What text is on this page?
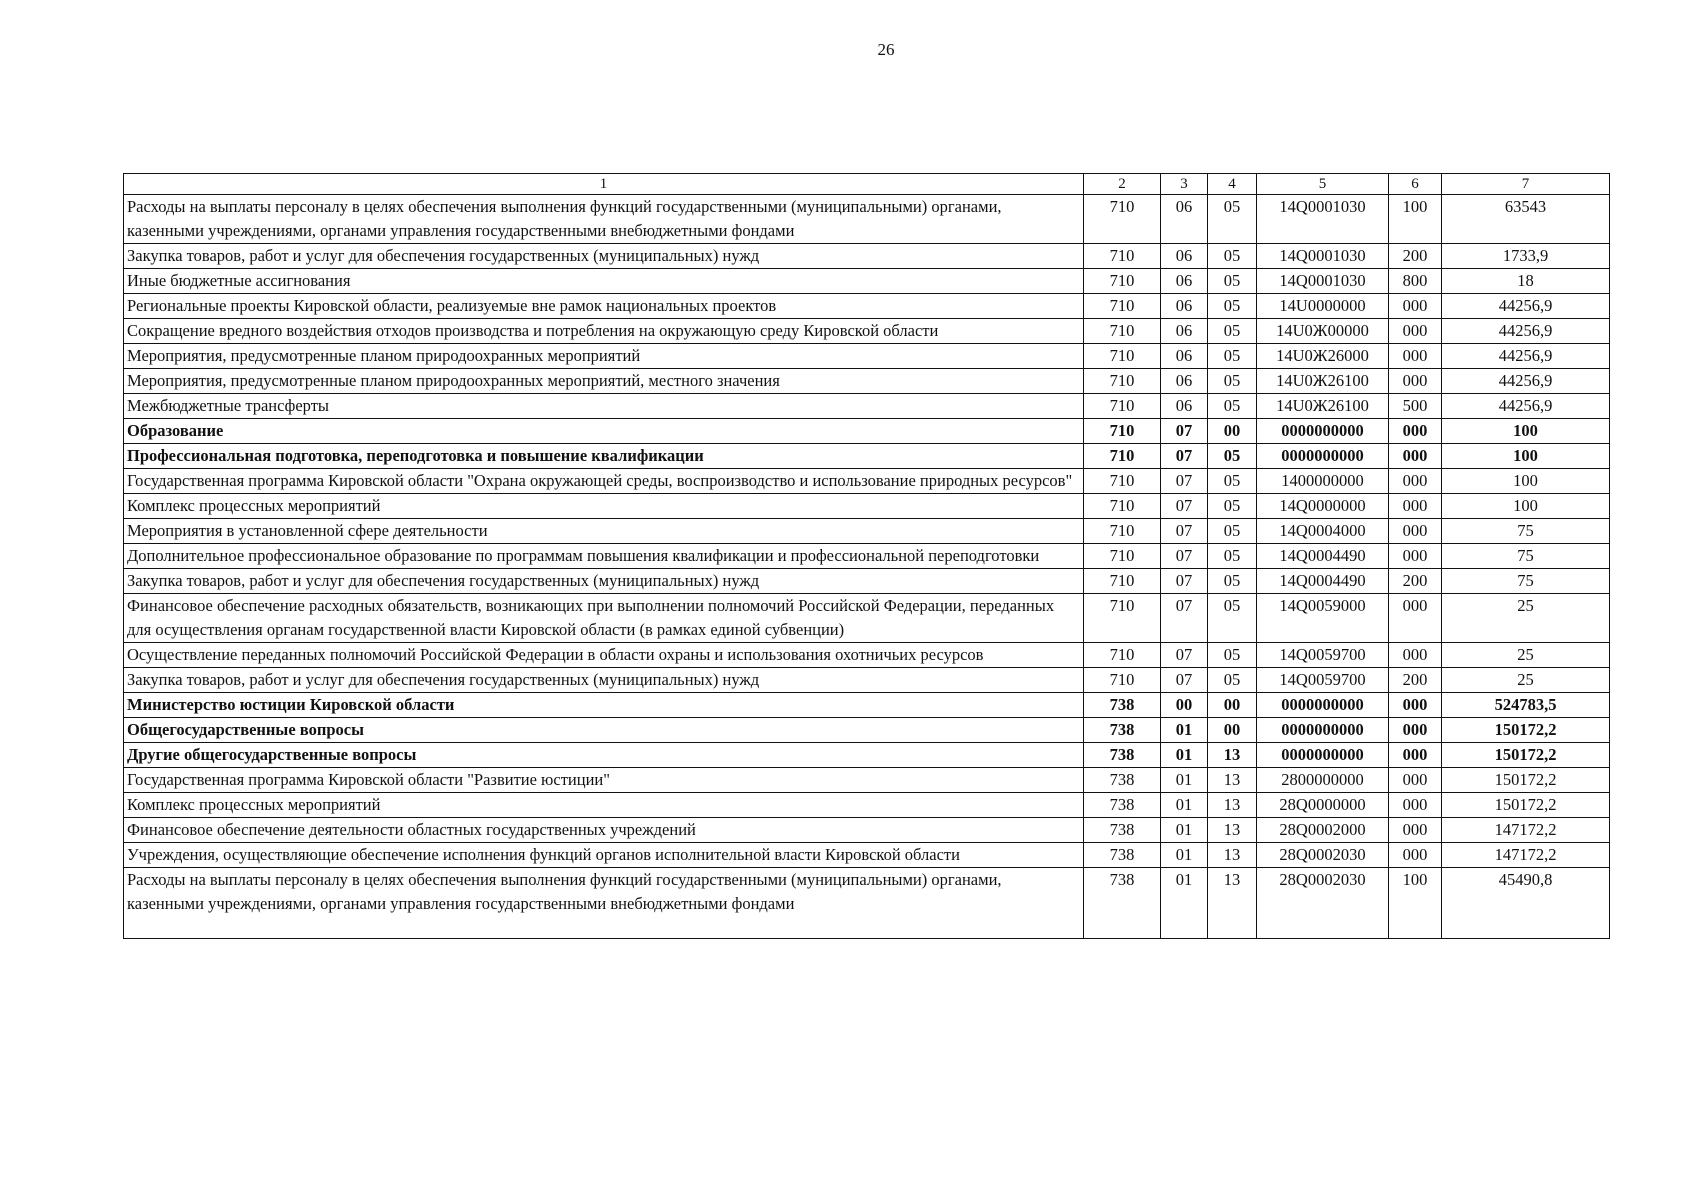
26
1	2	3	4	5	6	7
Расходы на выплаты персоналу в целях обеспечения выполнения функций государственными (муниципальными) органами, казенными учреждениями, органами управления государственными внебюджетными фондами	710	06	05	14Q0001030	100	63543
Закупка товаров, работ и услуг для обеспечения государственных (муниципальных) нужд	710	06	05	14Q0001030	200	1733,9
Иные бюджетные ассигнования	710	06	05	14Q0001030	800	18
Региональные проекты Кировской области, реализуемые вне рамок национальных проектов	710	06	05	14U0000000	000	44256,9
Сокращение вредного воздействия отходов производства и потребления на окружающую среду Кировской области	710	06	05	14U0Ж00000	000	44256,9
Мероприятия, предусмотренные планом природоохранных мероприятий	710	06	05	14U0Ж26000	000	44256,9
Мероприятия, предусмотренные планом природоохранных мероприятий, местного значения	710	06	05	14U0Ж26100	000	44256,9
Межбюджетные трансферты	710	06	05	14U0Ж26100	500	44256,9
Образование	710	07	00	0000000000	000	100
Профессиональная подготовка, переподготовка и повышение квалификации	710	07	05	0000000000	000	100
Государственная программа Кировской области "Охрана окружающей среды, воспроизводство и использование природных ресурсов"	710	07	05	1400000000	000	100
Комплекс процессных мероприятий	710	07	05	14Q0000000	000	100
Мероприятия в установленной сфере деятельности	710	07	05	14Q0004000	000	75
Дополнительное профессиональное образование по программам повышения квалификации и профессиональной переподготовки	710	07	05	14Q0004490	000	75
Закупка товаров, работ и услуг для обеспечения государственных (муниципальных) нужд	710	07	05	14Q0004490	200	75
Финансовое обеспечение расходных обязательств, возникающих при выполнении полномочий Российской Федерации, переданных для осуществления органам государственной власти Кировской области (в рамках единой субвенции)	710	07	05	14Q0059000	000	25
Осуществление переданных полномочий Российской Федерации в области охраны и использования охотничьих ресурсов	710	07	05	14Q0059700	000	25
Закупка товаров, работ и услуг для обеспечения государственных (муниципальных) нужд	710	07	05	14Q0059700	200	25
Министерство юстиции Кировской области	738	00	00	0000000000	000	524783,5
Общегосударственные вопросы	738	01	00	0000000000	000	150172,2
Другие общегосударственные вопросы	738	01	13	0000000000	000	150172,2
Государственная программа Кировской области "Развитие юстиции"	738	01	13	2800000000	000	150172,2
Комплекс процессных мероприятий	738	01	13	28Q0000000	000	150172,2
Финансовое обеспечение деятельности областных государственных учреждений	738	01	13	28Q0002000	000	147172,2
Учреждения, осуществляющие обеспечение исполнения функций органов исполнительной власти Кировской области	738	01	13	28Q0002030	000	147172,2
Расходы на выплаты персоналу в целях обеспечения выполнения функций государственными (муниципальными) органами, казенными учреждениями, органами управления государственными внебюджетными фондами	738	01	13	28Q0002030	100	45490,8
